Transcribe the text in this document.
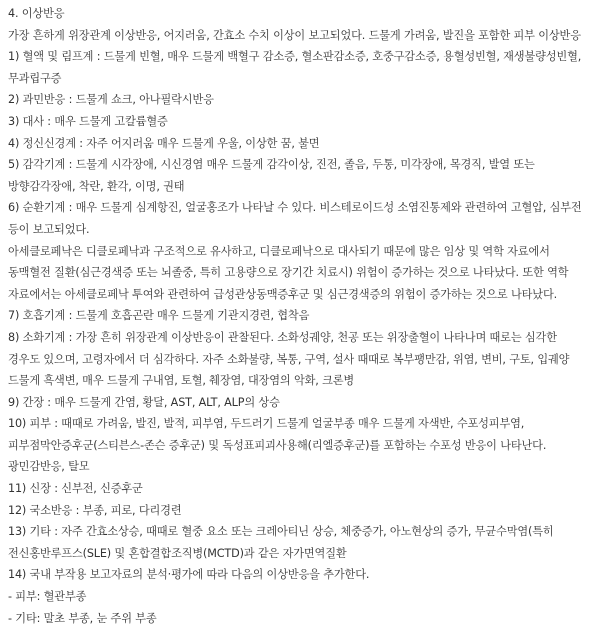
4. 이상반응

가장 흔하게 위장관계 이상반응, 어지러움, 간효소 수치 이상이 보고되었다. 드물게 가려움, 발진을 포함한 피부 이상반응

1) 혈액 및 림프계 : 드물게 빈혈, 매우 드물게 백혈구 감소증, 혈소판감소증, 호중구감소증, 용혈성빈혈, 재생불량성빈혈, 무과립구증

2) 과민반응 : 드물게 쇼크, 아나필락시반응

3) 대사 : 매우 드물게 고칼륨혈증

4) 정신신경계 : 자주 어지러움 매우 드물게 우울, 이상한 꿈, 불면

5) 감각기계 : 드물게 시각장애, 시신경염 매우 드물게 감각이상, 진전, 졸음, 두통, 미각장애, 목경직, 발열 또는 방향감각장애, 착란, 환각, 이명, 권태

6) 순환기계 : 매우 드물게 심계항진, 얼굴홍조가 나타날 수 있다. 비스테로이드성 소염진통제와 관련하여 고혈압, 심부전 등이 보고되었다.

아세클로페낙은 디클로페낙과 구조적으로 유사하고, 디클로페낙으로 대사되기 때문에 많은 임상 및 역학 자료에서 동맥혈전 질환(심근경색증 또는 뇌졸중, 특히 고용량으로 장기간 치료시) 위험이 증가하는 것으로 나타났다. 또한 역학 자료에서는 아세클로페낙 투여와 관련하여 급성관상동맥증후군 및 심근경색증의 위험이 증가하는 것으로 나타났다.

7) 호흡기계 : 드물게 호흡곤란 매우 드물게 기관지경련, 협착음

8) 소화기계 : 가장 흔히 위장관계 이상반응이 관찰된다. 소화성궤양, 천공 또는 위장출혈이 나타나며 때로는 심각한 경우도 있으며, 고령자에서 더 심각하다. 자주 소화불량, 복통, 구역, 설사 때때로 복부팽만감, 위염, 변비, 구토, 입궤양 드물게 흑색변, 매우 드물게 구내염, 토혈, 췌장염, 대장염의 악화, 크론병

9) 간장 : 매우 드물게 간염, 황달, AST, ALT, ALP의 상승

10) 피부 : 때때로 가려움, 발진, 발적, 피부염, 두드러기 드물게 얼굴부종 매우 드물게 자색반, 수포성피부염, 피부점막안증후군(스티븐스-존슨 증후군) 및 독성표피괴사용해(리엘증후군)를 포함하는 수포성 반응이 나타난다. 광민감반응, 탈모

11) 신장 : 신부전, 신증후군

12) 국소반응 : 부종, 피로, 다리경련

13) 기타 : 자주 간효소상승, 때때로 혈중 요소 또는 크레아티닌 상승, 체중증가, 아노현상의 증가, 무균수막염(특히 전신홍반루프스(SLE) 및 혼합결합조직병(MCTD)과 같은 자가면역질환

14) 국내 부작용 보고자료의 분석·평가에 따라 다음의 이상반응을 추가한다.

- 피부: 혈관부종

- 기타: 말초 부종, 눈 주위 부종
